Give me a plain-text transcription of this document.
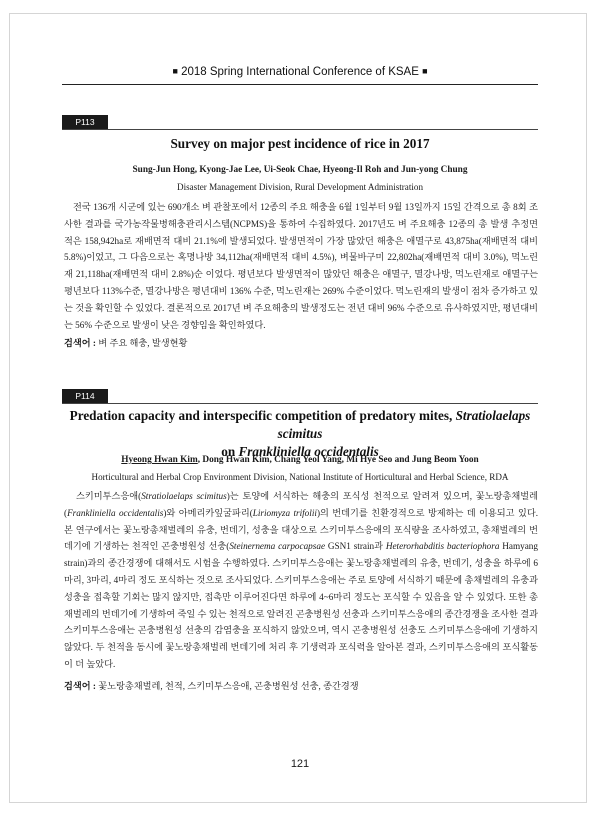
■ 2018 Spring International Conference of KSAE ■
P113
Survey on major pest incidence of rice in 2017
Sung-Jun Hong, Kyong-Jae Lee, Ui-Seok Chae, Hyeong-Il Roh and Jun-yong Chung
Disaster Management Division, Rural Development Administration

전국 136개 시군에 있는 690개소 벼 관찰포에서 12종의 주요 해충을 6월 1일부터 9월 13일까지 15일 간격으로 총 8회 조사한 결과를 국가농작물병해충관리시스템(NCPMS)을 통하여 수집하였다. 2017년도 벼 주요해충 12종의 총 발생 추정면적은 158,942ha로 재배면적 대비 21.1%에 발생되었다. 발생면적이 가장 많았던 해충은 애멸구로 43,875ha(재배면적 대비 5.8%)이었고, 그 다음으로는 혹명나방 34,112ha(재배면적 대비 4.5%), 벼물바구미 22,802ha(재배면적 대비 3.0%), 먹노린재 21,118ha(재배면적 대비 2.8%)순 이었다. 평년보다 발생면적이 많았던 해충은 애멸구, 멸강나방, 먹노린재로 애멸구는 평년보다 113%수준, 멸강나방은 평년대비 136% 수준, 먹노린재는 269% 수준이었다. 먹노린재의 발생이 점차 증가하고 있는 것을 확인할 수 있었다. 결론적으로 2017년 벼 주요해충의 발생정도는 전년 대비 96% 수준으로 유사하였지만, 평년대비는 56% 수준으로 발생이 낮은 경향임을 확인하였다.

검색어 : 벼 주요 해충, 발생현황
P114
Predation capacity and interspecific competition of predatory mites, Stratiolaelaps scimitus
on Frankliniella occidentalis
Hyeong Hwan Kim, Dong Hwan Kim, Chang Yeol Yang, Mi Hye Seo and Jung Beom Yoon
Horticultural and Herbal Crop Environment Division, National Institute of Horticultural and Herbal Science, RDA

스키미투스응애(Stratiolaelaps scimitus)는 토양에 서식하는 해충의 포식성 천적으로 알려져 있으며, 꽃노랑총채벌레(Frankliniella occidentalis)와 아메리카잎굴파리(Liriomyza trifolii)의 번데기를 친환경적으로 방제하는 데 이용되고 있다. 본 연구에서는 꽃노랑총채벌레의 유충, 번데기, 성충을 대상으로 스키미투스응애의 포식량을 조사하였고, 총채벌레의 번데기에 기생하는 천적인 곤충병원성 선충(Steinernema carpocapsae GSN1 strain과 Heterorhabditis bacteriophora Hamyang strain)과의 종간경쟁에 대해서도 시험을 수행하였다. 스키미투스응애는 꽃노랑총채벌레의 유충, 번데기, 성충을 하루에 6마리, 3마리, 4마리 정도 포식하는 것으로 조사되었다. 스키미투스응애는 주로 토양에 서식하기 때문에 총채벌레의 유충과 성충을 접촉할 기회는 많지 않지만, 접촉만 이루어진다면 하루에 4~6마리 정도는 포식할 수 있음을 알 수 있었다. 또한 총채벌레의 번데기에 기생하여 죽일 수 있는 천적으로 알려진 곤충병원성 선충과 스키미투스응애의 종간경쟁을 조사한 결과 스키미투스응애는 곤충병원성 선충의 감염충을 포식하지 않았으며, 역시 곤충병원성 선충도 스키미투스응애에 기생하지 않았다. 두 천적을 동시에 꽃노랑총채벌레 번데기에 처리 후 기생력과 포식력을 알아본 결과, 스키미투스응애의 포식활동이 더 높았다.

검색어 : 꽃노랑총채벌레, 천적, 스키미투스응애, 곤충병원성 선충, 종간경쟁
121
